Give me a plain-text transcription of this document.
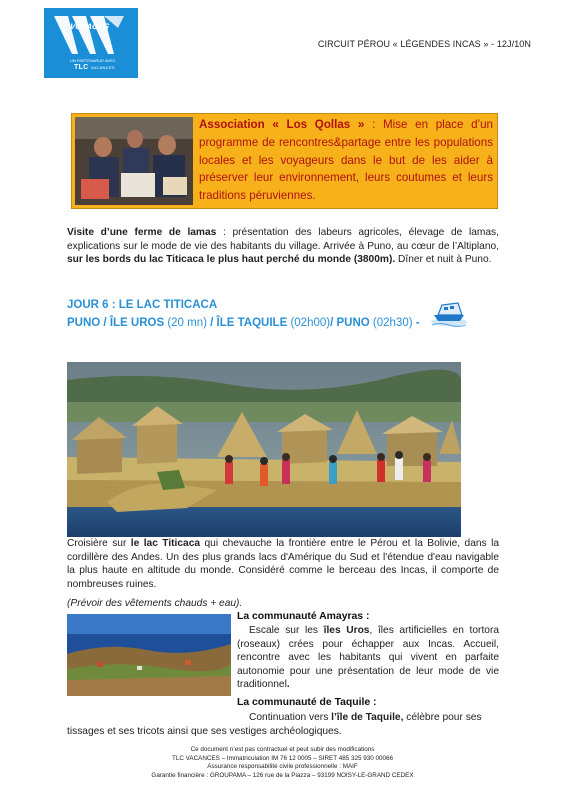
VOYAGES
UN PARTENARIAT AVEC
TLC VACANCES
CIRCUIT PÉROU « LÉGENDES INCAS » - 12J/10N
Association « Los Qollas » : Mise en place d’un programme de rencontres&partage entre les populations locales et les voyageurs dans le but de les aider à préserver leur environnement, leurs coutumes et leurs traditions péruviennes.
Visite d’une ferme de lamas : présentation des labeurs agricoles, élevage de lamas, explications sur le mode de vie des habitants du village. Arrivée à Puno, au cœur de l’Altiplano, sur les bords du lac Titicaca le plus haut perché du monde (3800m). Dîner et nuit à Puno.
JOUR 6 : LE LAC TITICACA
PUNO / ÎLE UROS (20 mn) / ÎLE TAQUILE (02h00)/ PUNO (02h30) -
Croisière sur le lac Titicaca qui chevauche la frontière entre le Pérou et la Bolivie, dans la cordillère des Andes. Un des plus grands lacs d'Amérique du Sud et l'étendue d'eau navigable la plus haute en altitude du monde. Considéré comme le berceau des Incas, il comporte de nombreuses ruines.
(Prévoir des vêtements chauds + eau).
La communauté Amayras :
Escale sur les îles Uros, îles artificielles en tortora (roseaux) crées pour échapper aux Incas. Accueil, rencontre avec les habitants qui vivent en parfaite autonomie pour une présentation de leur mode de vie traditionnel.
La communauté de Taquile :
Continuation vers l’île de Taquile, célèbre pour ses
tissages et ses tricots ainsi que ses vestiges archéologiques.
Ce document n’est pas contractuel et peut subir des modifications
TLC VACANCES – Immatriculation IM 76 12 0005 – SIRET 485 325 930 00066
Assurance responsabilité civile professionnelle : MAIF
Garantie financière : GROUPAMA – 126 rue de la Piazza – 93199 NOISY-LE-GRAND CEDEX
